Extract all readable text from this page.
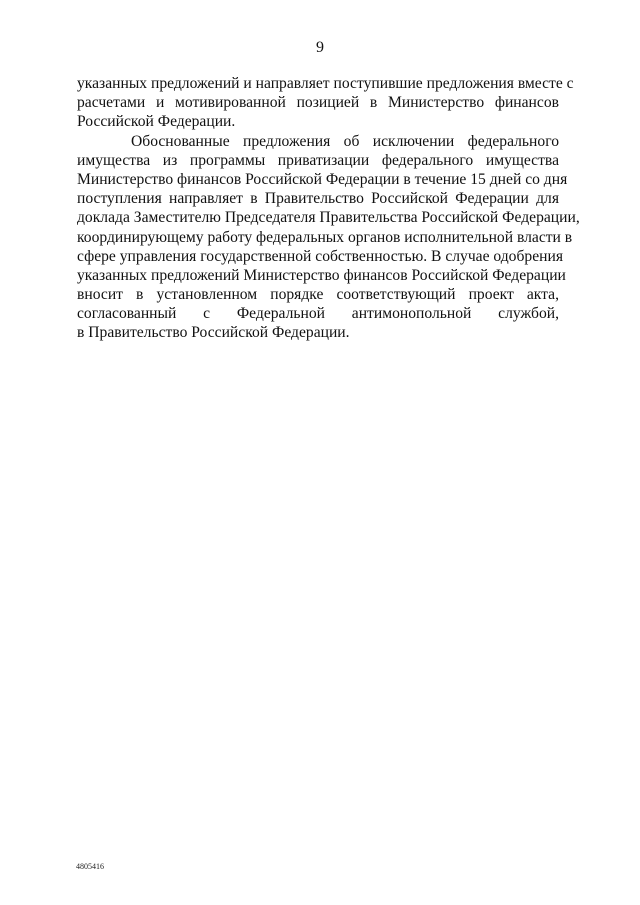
9
указанных предложений и направляет поступившие предложения вместе с
расчетами и мотивированной позицией в Министерство финансов
Российской Федерации.
Обоснованные предложения об исключении федерального
имущества из программы приватизации федерального имущества
Министерство финансов Российской Федерации в течение 15 дней со дня
поступления направляет в Правительство Российской Федерации для
доклада Заместителю Председателя Правительства Российской Федерации,
координирующему работу федеральных органов исполнительной власти в
сфере управления государственной собственностью. В случае одобрения
указанных предложений Министерство финансов Российской Федерации
вносит в установленном порядке соответствующий проект акта,
согласованный с Федеральной антимонопольной службой,
в Правительство Российской Федерации.
4805416
